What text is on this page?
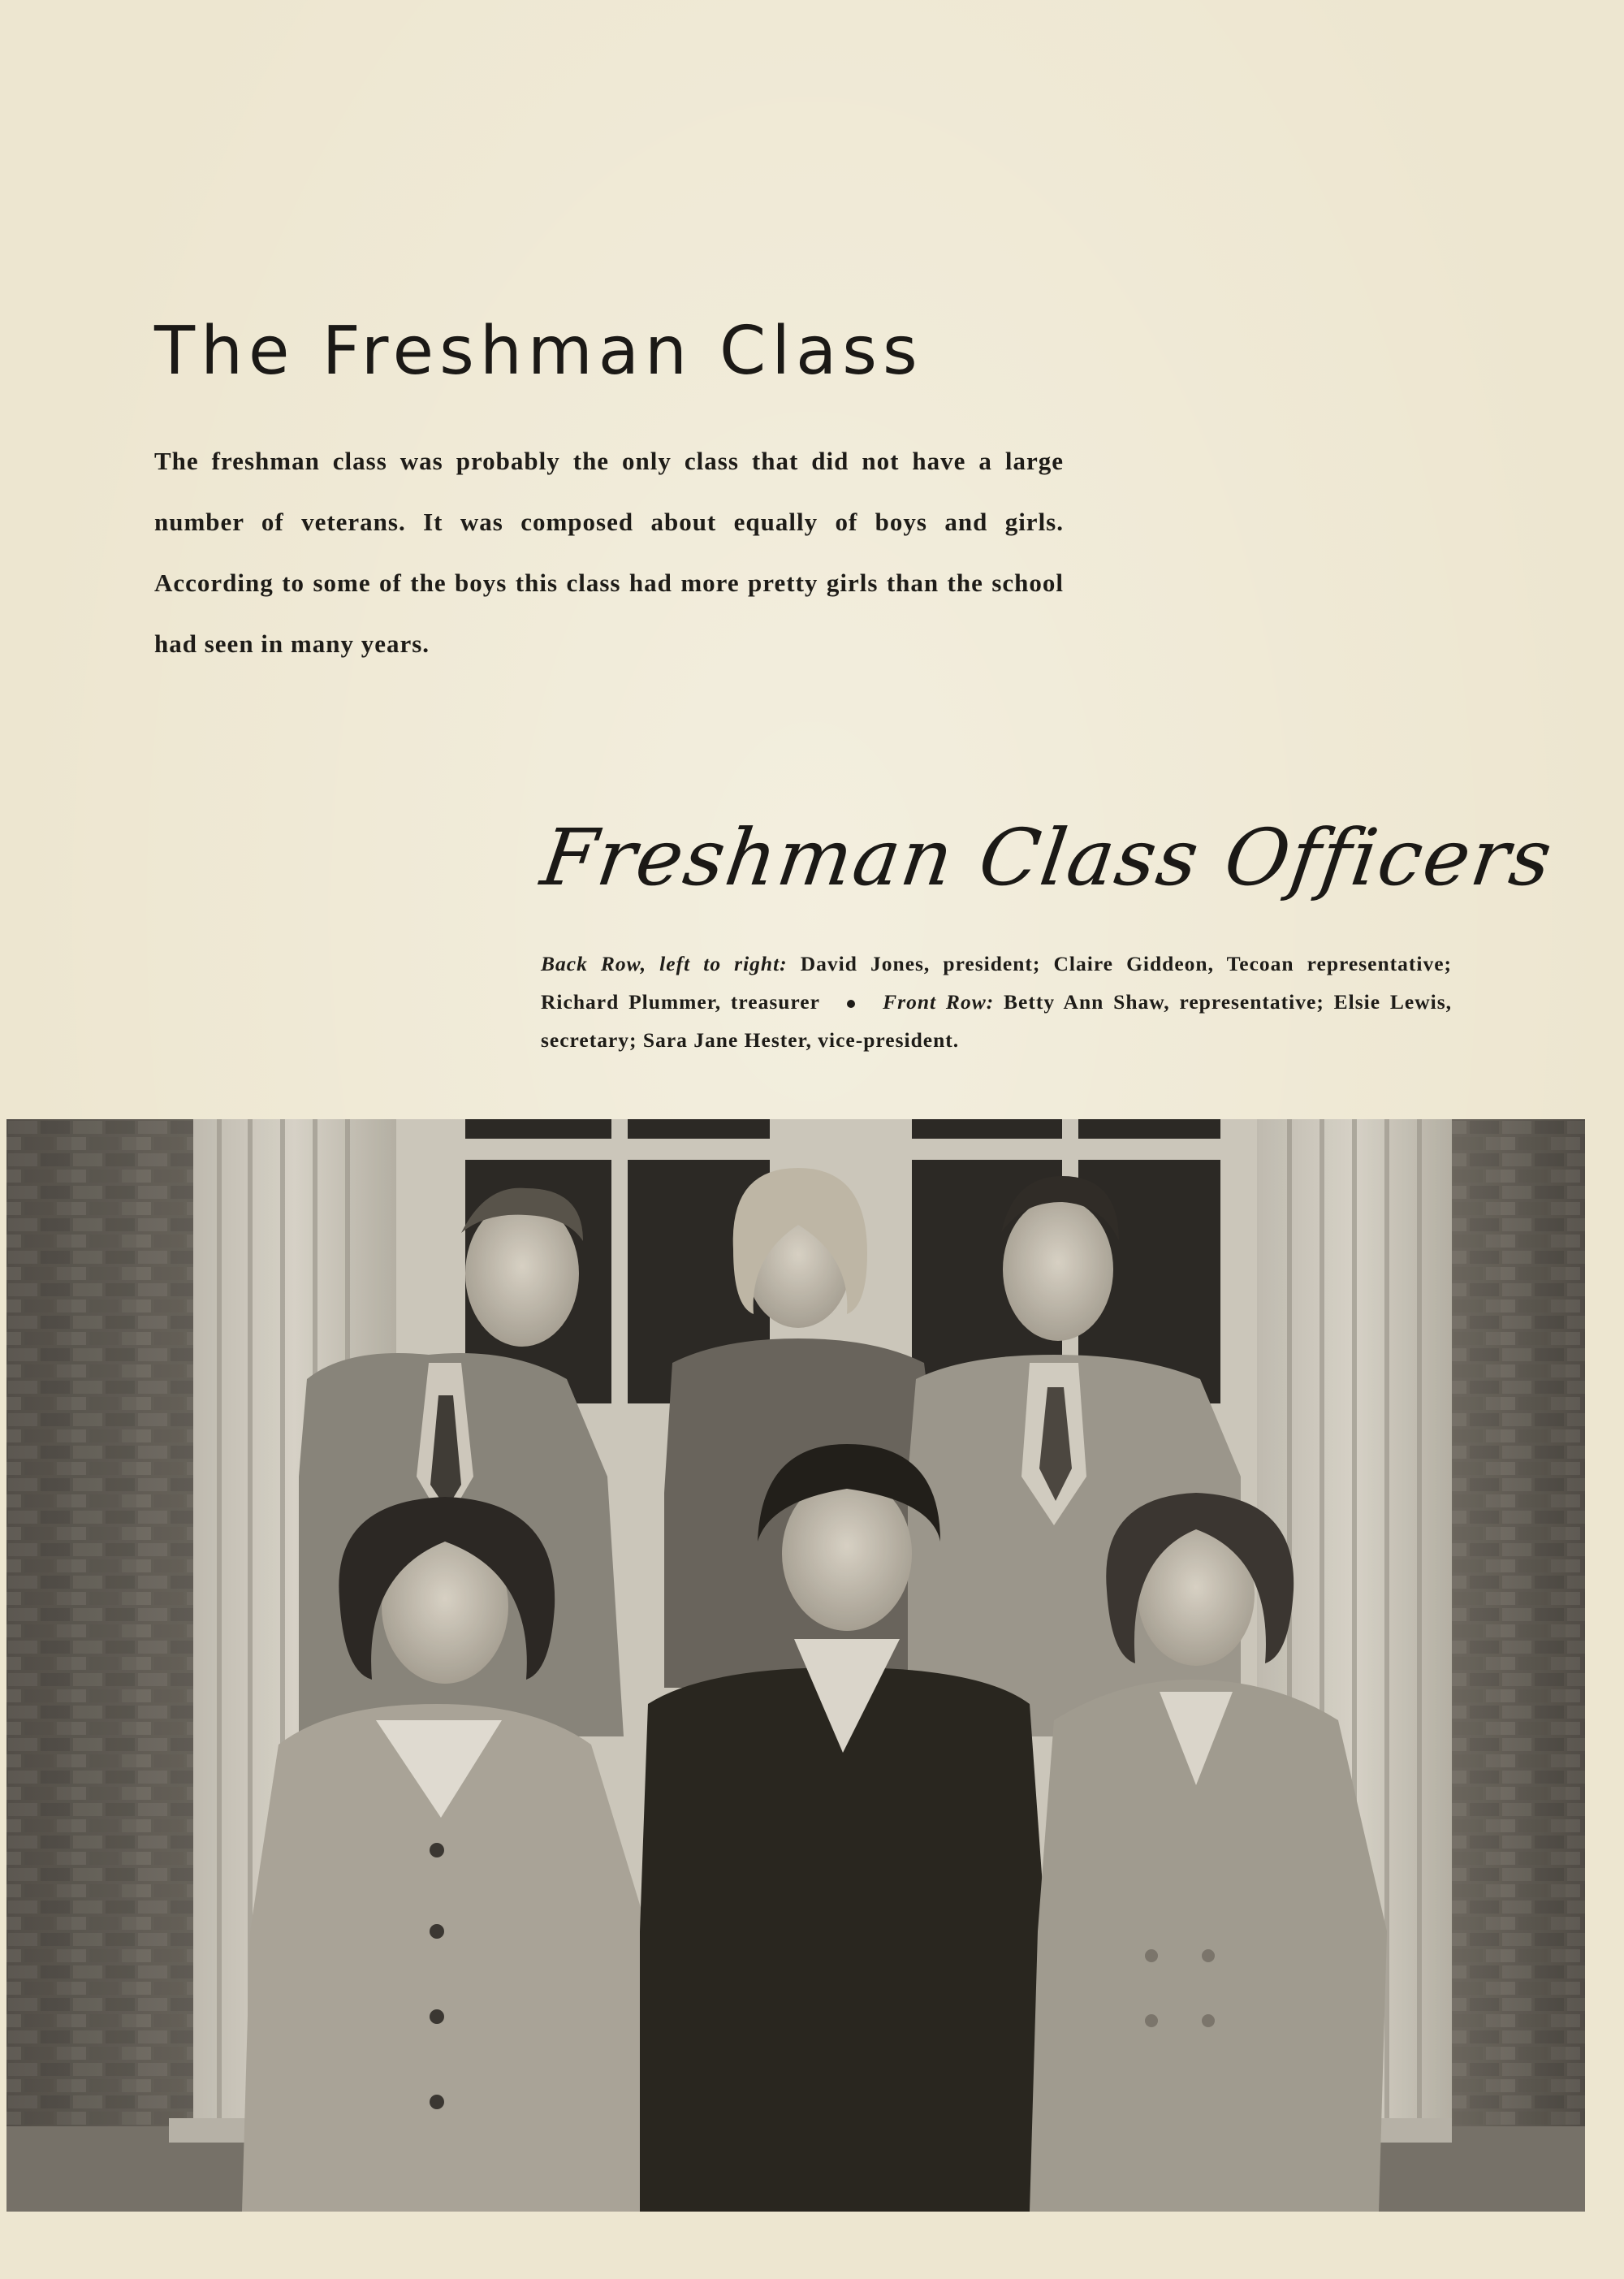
The Freshman Class

The freshman class was probably the only class that did not have a large number of veterans. It was composed about equally of boys and girls. According to some of the boys this class had more pretty girls than the school had seen in many years.

Freshman Class Officers

Back Row, left to right: David Jones, president; Claire Giddeon, Tecoan representative; Richard Plummer, treasurer	Front Row: Betty Ann Shaw, representative; Elsie Lewis, secretary; Sara Jane Hester, vice-president.
